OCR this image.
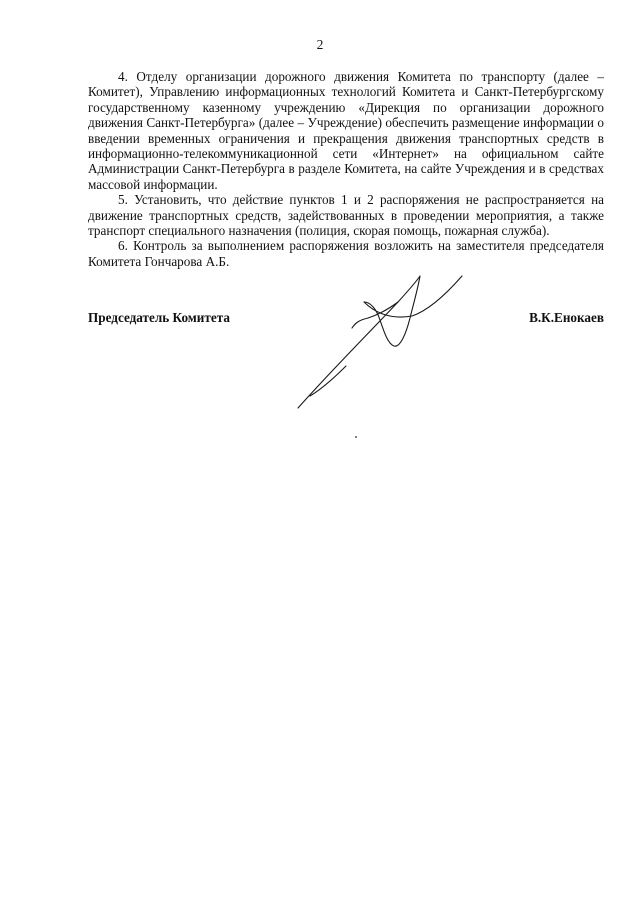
2

4. Отделу организации дорожного движения Комитета по транспорту (далее – Комитет), Управлению информационных технологий Комитета и Санкт-Петербургскому государственному казенному учреждению «Дирекция по организации дорожного движения Санкт-Петербурга» (далее – Учреждение) обеспечить размещение информации о введении временных ограничения и прекращения движения транспортных средств в информационно-телекоммуникационной сети «Интернет» на официальном сайте Администрации Санкт-Петербурга в разделе Комитета, на сайте Учреждения и в средствах массовой информации.

5. Установить, что действие пунктов 1 и 2 распоряжения не распространяется на движение транспортных средств, задействованных в проведении мероприятия, а также транспорт специального назначения (полиция, скорая помощь, пожарная служба).

6. Контроль за выполнением распоряжения возложить на заместителя председателя Комитета Гончарова А.Б.

Председатель Комитета	В.К.Енокаев
